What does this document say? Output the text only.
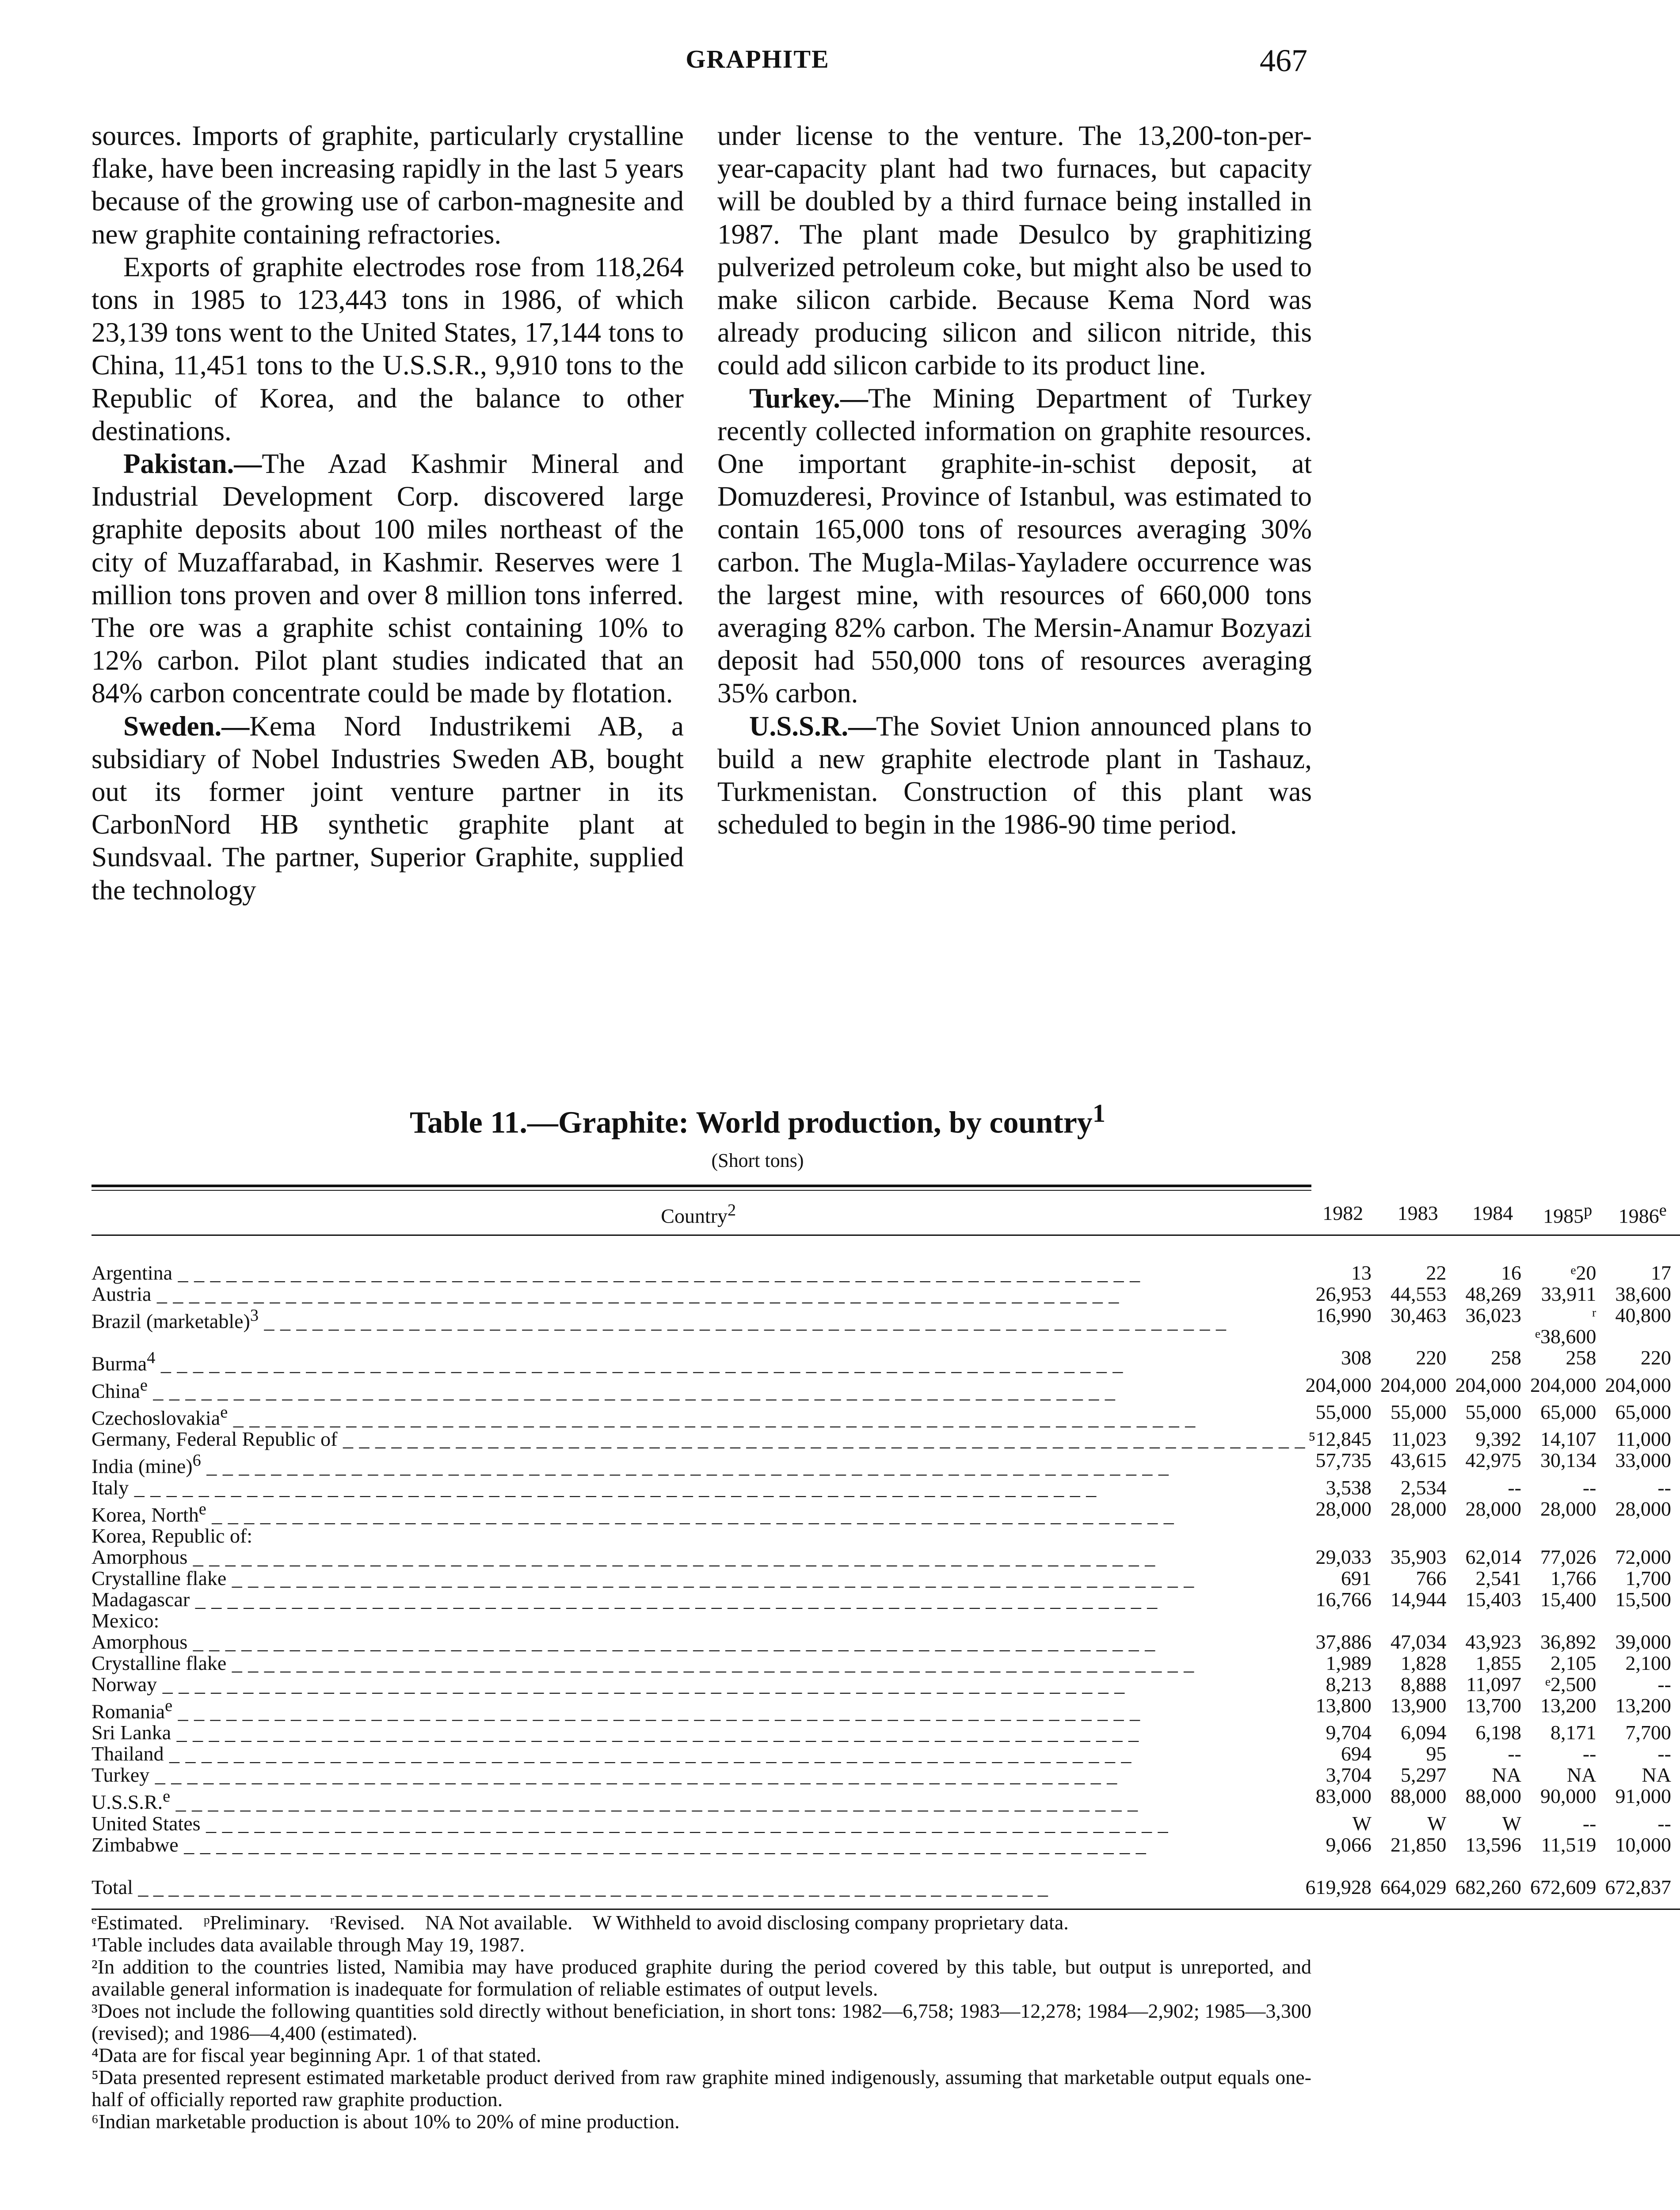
GRAPHITE	467

sources. Imports of graphite, particularly crystalline flake, have been increasing rapidly in the last 5 years because of the growing use of carbon-magnesite and new graphite containing refractories.

Exports of graphite electrodes rose from 118,264 tons in 1985 to 123,443 tons in 1986, of which 23,139 tons went to the United States, 17,144 tons to China, 11,451 tons to the U.S.S.R., 9,910 tons to the Republic of Korea, and the balance to other destinations.

Pakistan.—The Azad Kashmir Mineral and Industrial Development Corp. discovered large graphite deposits about 100 miles northeast of the city of Muzaffarabad, in Kashmir. Reserves were 1 million tons proven and over 8 million tons inferred. The ore was a graphite schist containing 10% to 12% carbon. Pilot plant studies indicated that an 84% carbon concentrate could be made by flotation.

Sweden.—Kema Nord Industrikemi AB, a subsidiary of Nobel Industries Sweden AB, bought out its former joint venture partner in its CarbonNord HB synthetic graphite plant at Sundsvaal. The partner, Superior Graphite, supplied the technology

under license to the venture. The 13,200-ton-per-year-capacity plant had two furnaces, but capacity will be doubled by a third furnace being installed in 1987. The plant made Desulco by graphitizing pulverized petroleum coke, but might also be used to make silicon carbide. Because Kema Nord was already producing silicon and silicon nitride, this could add silicon carbide to its product line.

Turkey.—The Mining Department of Turkey recently collected information on graphite resources. One important graphite-in-schist deposit, at Domuzderesi, Province of Istanbul, was estimated to contain 165,000 tons of resources averaging 30% carbon. The Mugla-Milas-Yayladere occurrence was the largest mine, with resources of 660,000 tons averaging 82% carbon. The Mersin-Anamur Bozyazi deposit had 550,000 tons of resources averaging 35% carbon.

U.S.S.R.—The Soviet Union announced plans to build a new graphite electrode plant in Tashauz, Turkmenistan. Construction of this plant was scheduled to begin in the 1986-90 time period.

Table 11.—Graphite: World production, by country$^1$
(Short tons)
Country$^2$	1982	1983	1984	1985$^p$	1986e
Argentina _ _ _ _ _ _ _ _ _ _ _ _ _ _ _ _ _ _ _ _ _ _ _ _ _ _ _ _ _ _ _ _ _ _ _ _ _ _ _ _ _ _ _ _ _ _ _ _ _ _ _ _ _ _ _ _ _ _ _ _	13	22	16	ᵉ20	17
Austria _ _ _ _ _ _ _ _ _ _ _ _ _ _ _ _ _ _ _ _ _ _ _ _ _ _ _ _ _ _ _ _ _ _ _ _ _ _ _ _ _ _ _ _ _ _ _ _ _ _ _ _ _ _ _ _ _ _ _ _	26,953	44,553	48,269	33,911	38,600
Brazil (marketable)$^3$ _ _ _ _ _ _ _ _ _ _ _ _ _ _ _ _ _ _ _ _ _ _ _ _ _ _ _ _ _ _ _ _ _ _ _ _ _ _ _ _ _ _ _ _ _ _ _ _ _ _ _ _ _ _ _ _ _ _ _ _	16,990	30,463	36,023	ʳ ᵉ38,600	40,800
Burma$^4$ _ _ _ _ _ _ _ _ _ _ _ _ _ _ _ _ _ _ _ _ _ _ _ _ _ _ _ _ _ _ _ _ _ _ _ _ _ _ _ _ _ _ _ _ _ _ _ _ _ _ _ _ _ _ _ _ _ _ _ _	308	220	258	258	220
China$^e$ _ _ _ _ _ _ _ _ _ _ _ _ _ _ _ _ _ _ _ _ _ _ _ _ _ _ _ _ _ _ _ _ _ _ _ _ _ _ _ _ _ _ _ _ _ _ _ _ _ _ _ _ _ _ _ _ _ _ _ _	204,000	204,000	204,000	204,000	204,000
Czechoslovakia$^e$ _ _ _ _ _ _ _ _ _ _ _ _ _ _ _ _ _ _ _ _ _ _ _ _ _ _ _ _ _ _ _ _ _ _ _ _ _ _ _ _ _ _ _ _ _ _ _ _ _ _ _ _ _ _ _ _ _ _ _ _	55,000	55,000	55,000	65,000	65,000
Germany, Federal Republic of _ _ _ _ _ _ _ _ _ _ _ _ _ _ _ _ _ _ _ _ _ _ _ _ _ _ _ _ _ _ _ _ _ _ _ _ _ _ _ _ _ _ _ _ _ _ _ _ _ _ _ _ _ _ _ _ _ _ _ _	⁵12,845	11,023	9,392	14,107	11,000
India $(\min e)^6$ _ _ _ _ _ _ _ _ _ _ _ _ _ _ _ _ _ _ _ _ _ _ _ _ _ _ _ _ _ _ _ _ _ _ _ _ _ _ _ _ _ _ _ _ _ _ _ _ _ _ _ _ _ _ _ _ _ _ _ _	57,735	43,615	42,975	30,134	33,000
Italy _ _ _ _ _ _ _ _ _ _ _ _ _ _ _ _ _ _ _ _ _ _ _ _ _ _ _ _ _ _ _ _ _ _ _ _ _ _ _ _ _ _ _ _ _ _ _ _ _ _ _ _ _ _ _ _ _ _ _ _	3,538	2,534	--	--	--
Korea, North$^e$ _ _ _ _ _ _ _ _ _ _ _ _ _ _ _ _ _ _ _ _ _ _ _ _ _ _ _ _ _ _ _ _ _ _ _ _ _ _ _ _ _ _ _ _ _ _ _ _ _ _ _ _ _ _ _ _ _ _ _ _	28,000	28,000	28,000	28,000	28,000
Korea, Republic of:					
Amorphous _ _ _ _ _ _ _ _ _ _ _ _ _ _ _ _ _ _ _ _ _ _ _ _ _ _ _ _ _ _ _ _ _ _ _ _ _ _ _ _ _ _ _ _ _ _ _ _ _ _ _ _ _ _ _ _ _ _ _ _	29,033	35,903	62,014	77,026	72,000
Crystalline flake _ _ _ _ _ _ _ _ _ _ _ _ _ _ _ _ _ _ _ _ _ _ _ _ _ _ _ _ _ _ _ _ _ _ _ _ _ _ _ _ _ _ _ _ _ _ _ _ _ _ _ _ _ _ _ _ _ _ _ _	691	766	2,541	1,766	1,700
Madagascar _ _ _ _ _ _ _ _ _ _ _ _ _ _ _ _ _ _ _ _ _ _ _ _ _ _ _ _ _ _ _ _ _ _ _ _ _ _ _ _ _ _ _ _ _ _ _ _ _ _ _ _ _ _ _ _ _ _ _ _	16,766	14,944	15,403	15,400	15,500
Mexico:					
Amorphous _ _ _ _ _ _ _ _ _ _ _ _ _ _ _ _ _ _ _ _ _ _ _ _ _ _ _ _ _ _ _ _ _ _ _ _ _ _ _ _ _ _ _ _ _ _ _ _ _ _ _ _ _ _ _ _ _ _ _ _	37,886	47,034	43,923	36,892	39,000
Crystalline flake _ _ _ _ _ _ _ _ _ _ _ _ _ _ _ _ _ _ _ _ _ _ _ _ _ _ _ _ _ _ _ _ _ _ _ _ _ _ _ _ _ _ _ _ _ _ _ _ _ _ _ _ _ _ _ _ _ _ _ _	1,989	1,828	1,855	2,105	2,100
Norway _ _ _ _ _ _ _ _ _ _ _ _ _ _ _ _ _ _ _ _ _ _ _ _ _ _ _ _ _ _ _ _ _ _ _ _ _ _ _ _ _ _ _ _ _ _ _ _ _ _ _ _ _ _ _ _ _ _ _ _	8,213	8,888	11,097	ᵉ2,500	--
Romania$^e$ _ _ _ _ _ _ _ _ _ _ _ _ _ _ _ _ _ _ _ _ _ _ _ _ _ _ _ _ _ _ _ _ _ _ _ _ _ _ _ _ _ _ _ _ _ _ _ _ _ _ _ _ _ _ _ _ _ _ _ _	13,800	13,900	13,700	13,200	13,200
Sri Lanka _ _ _ _ _ _ _ _ _ _ _ _ _ _ _ _ _ _ _ _ _ _ _ _ _ _ _ _ _ _ _ _ _ _ _ _ _ _ _ _ _ _ _ _ _ _ _ _ _ _ _ _ _ _ _ _ _ _ _ _	9,704	6,094	6,198	8,171	7,700
Thailand _ _ _ _ _ _ _ _ _ _ _ _ _ _ _ _ _ _ _ _ _ _ _ _ _ _ _ _ _ _ _ _ _ _ _ _ _ _ _ _ _ _ _ _ _ _ _ _ _ _ _ _ _ _ _ _ _ _ _ _	694	95	--	--	--
Turkey _ _ _ _ _ _ _ _ _ _ _ _ _ _ _ _ _ _ _ _ _ _ _ _ _ _ _ _ _ _ _ _ _ _ _ _ _ _ _ _ _ _ _ _ _ _ _ _ _ _ _ _ _ _ _ _ _ _ _ _	3,704	5,297	NA	NA	NA
U.S.S.R.$^e$ _ _ _ _ _ _ _ _ _ _ _ _ _ _ _ _ _ _ _ _ _ _ _ _ _ _ _ _ _ _ _ _ _ _ _ _ _ _ _ _ _ _ _ _ _ _ _ _ _ _ _ _ _ _ _ _ _ _ _ _	83,000	88,000	88,000	90,000	91,000
United States _ _ _ _ _ _ _ _ _ _ _ _ _ _ _ _ _ _ _ _ _ _ _ _ _ _ _ _ _ _ _ _ _ _ _ _ _ _ _ _ _ _ _ _ _ _ _ _ _ _ _ _ _ _ _ _ _ _ _ _	W	W	W	--	--
Zimbabwe _ _ _ _ _ _ _ _ _ _ _ _ _ _ _ _ _ _ _ _ _ _ _ _ _ _ _ _ _ _ _ _ _ _ _ _ _ _ _ _ _ _ _ _ _ _ _ _ _ _ _ _ _ _ _ _ _ _ _ _	9,066	21,850	13,596	11,519	10,000
Total _ _ _ _ _ _ _ _ _ _ _ _ _ _ _ _ _ _ _ _ _ _ _ _ _ _ _ _ _ _ _ _ _ _ _ _ _ _ _ _ _ _ _ _ _ _ _ _ _ _ _ _ _ _ _ _ _ _ _ _	619,928	664,029	682,260	672,609	672,837

ᵉEstimated. ᵖPreliminary. ʳRevised. NA Not available. W Withheld to avoid disclosing company proprietary data.

¹Table includes data available through May 19, 1987.

²In addition to the countries listed, Namibia may have produced graphite during the period covered by this table, but output is unreported, and available general information is inadequate for formulation of reliable estimates of output levels.

³Does not include the following quantities sold directly without beneficiation, in short tons: 1982—6,758; 1983—12,278; 1984—2,902; 1985—3,300 (revised); and 1986—4,400 (estimated).

⁴Data are for fiscal year beginning Apr. 1 of that stated.

⁵Data presented represent estimated marketable product derived from raw graphite mined indigenously, assuming that marketable output equals one-half of officially reported raw graphite production.

⁶Indian marketable production is about 10% to 20% of mine production.
